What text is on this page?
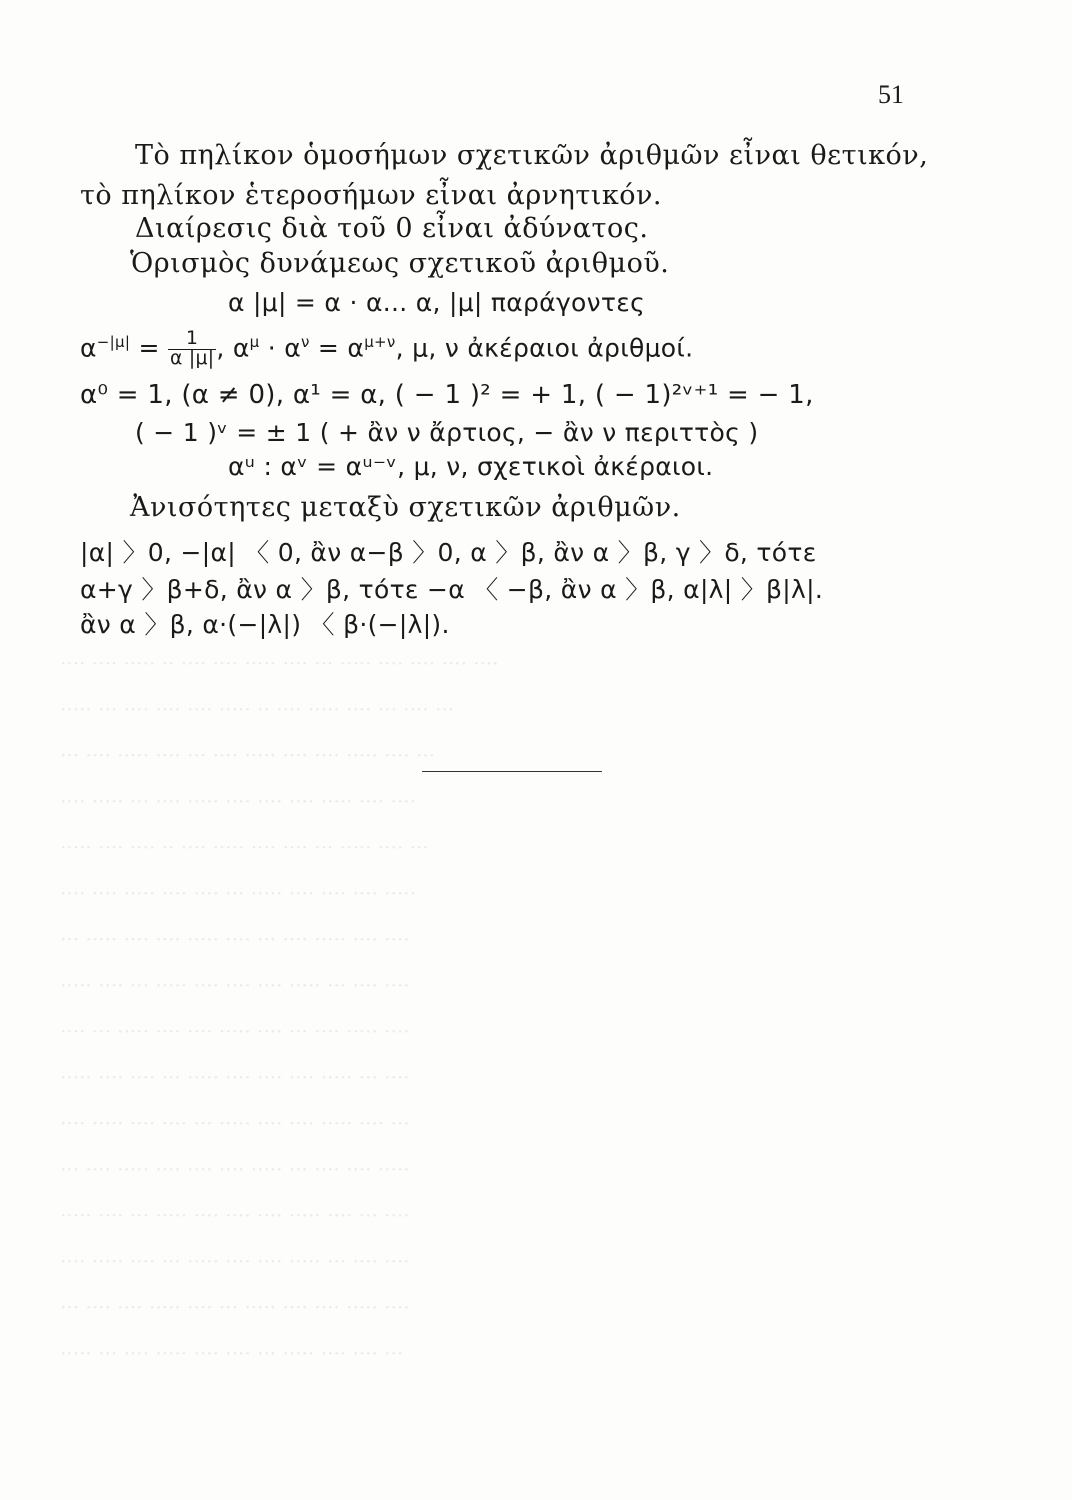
···· ···· ····· ·· ···· ···· ····· ···· ··· ····· ···· ···· ···· ····
····· ··· ···· ···· ···· ····· ·· ···· ····· ···· ··· ···· ···
··· ···· ····· ···· ··· ···· ····· ···· ···· ····· ···· ···
···· ····· ··· ···· ····· ···· ···· ···· ····· ···· ····
····· ···· ···· ·· ···· ····· ···· ···· ··· ····· ···· ···
···· ···· ····· ···· ···· ··· ····· ···· ···· ···· ·····
··· ····· ···· ···· ····· ···· ··· ···· ····· ···· ····
····· ···· ··· ····· ···· ···· ···· ····· ··· ···· ····
···· ··· ····· ···· ···· ····· ···· ··· ···· ····· ····
····· ···· ···· ··· ····· ···· ···· ···· ····· ··· ····
···· ····· ···· ···· ··· ····· ···· ···· ····· ···· ···
··· ···· ····· ···· ···· ···· ····· ··· ···· ···· ·····
····· ···· ··· ····· ···· ···· ···· ····· ···· ··· ····
···· ····· ···· ··· ····· ···· ···· ····· ··· ···· ····
··· ···· ···· ····· ···· ··· ····· ···· ···· ····· ····
····· ··· ···· ····· ···· ···· ··· ····· ···· ···· ···
51
Τὸ πηλίκον ὁμοσήμων σχετικῶν ἀριθμῶν εἶναι θετικόν,
τὸ πηλίκον ἑτεροσήμων εἶναι ἀρνητικόν.
Διαίρεσις διὰ τοῦ 0 εἶναι ἀδύνατος.
Ὁρισμὸς δυνάμεως σχετικοῦ ἀριθμοῦ.
α |μ| = α · α... α, |μ| παράγοντες
$\alpha^{-|\mu|} = \frac{1}{\alpha |\mu|}$ , $\alpha^\mu \cdot \alpha^\nu = \alpha^{\mu+\nu}$, μ, ν ἀκέραιοι ἀριθμοί.
α⁰ = 1, (α ≠ 0), α¹ = α, ( − 1 )² = + 1, ( − 1)²ᵛ⁺¹ = − 1,
( − 1 )ᵛ = ± 1 ( + ἂν ν ἄρτιος, − ἂν ν περιττὸς )
αᵘ : αᵛ = αᵘ⁻ᵛ, μ, ν, σχετικοὶ ἀκέραιοι.
Ἀνισότητες μεταξὺ σχετικῶν ἀριθμῶν.
|α| 〉0, −|α| 〈 0, ἂν α−β 〉0, α 〉β, ἂν α 〉β, γ 〉δ, τότε
α+γ 〉β+δ, ἂν α 〉β, τότε −α 〈 −β, ἂν α 〉β, α|λ| 〉β|λ|.
ἂν α 〉β, α·(−|λ|) 〈 β·(−|λ|).
